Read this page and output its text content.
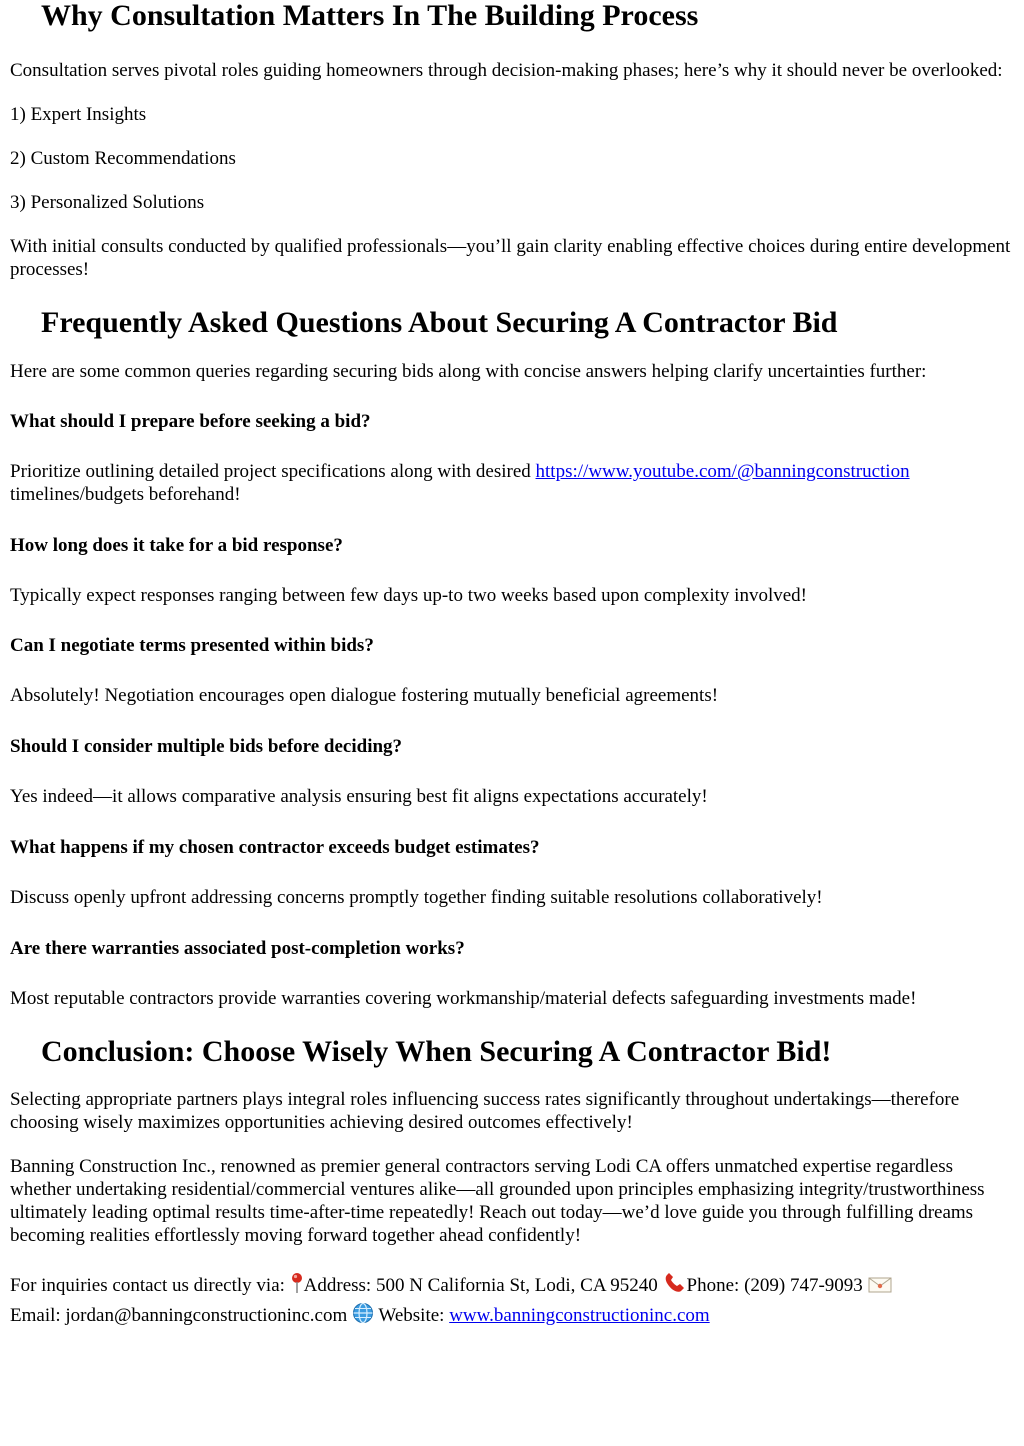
Why Consultation Matters In The Building Process

Consultation serves pivotal roles guiding homeowners through decision-making phases; here’s why it should never be overlooked:

1) Expert Insights

2) Custom Recommendations

3) Personalized Solutions

With initial consults conducted by qualified professionals—you’ll gain clarity enabling effective choices during entire development processes!

Frequently Asked Questions About Securing A Contractor Bid

Here are some common queries regarding securing bids along with concise answers helping clarify uncertainties further:

What should I prepare before seeking a bid?

Prioritize outlining detailed project specifications along with desired https://www.youtube.com/@banningconstruction timelines/budgets beforehand!

How long does it take for a bid response?

Typically expect responses ranging between few days up-to two weeks based upon complexity involved!

Can I negotiate terms presented within bids?

Absolutely! Negotiation encourages open dialogue fostering mutually beneficial agreements!

Should I consider multiple bids before deciding?

Yes indeed—it allows comparative analysis ensuring best fit aligns expectations accurately!

What happens if my chosen contractor exceeds budget estimates?

Discuss openly upfront addressing concerns promptly together finding suitable resolutions collaboratively!

Are there warranties associated post-completion works?

Most reputable contractors provide warranties covering workmanship/material defects safeguarding investments made!

Conclusion: Choose Wisely When Securing A Contractor Bid!

Selecting appropriate partners plays integral roles influencing success rates significantly throughout undertakings—therefore choosing wisely maximizes opportunities achieving desired outcomes effectively!

Banning Construction Inc., renowned as premier general contractors serving Lodi CA offers unmatched expertise regardless whether undertaking residential/commercial ventures alike—all grounded upon principles emphasizing integrity/trustworthiness ultimately leading optimal results time-after-time repeatedly! Reach out today—we’d love guide you through fulfilling dreams becoming realities effortlessly moving forward together ahead confidently!

For inquiries contact us directly via: Address: 500 N California St, Lodi, CA 95240 Phone: (209) 747-9093
Email: jordan@banningconstructioninc.com Website: www.banningconstructioninc.com
